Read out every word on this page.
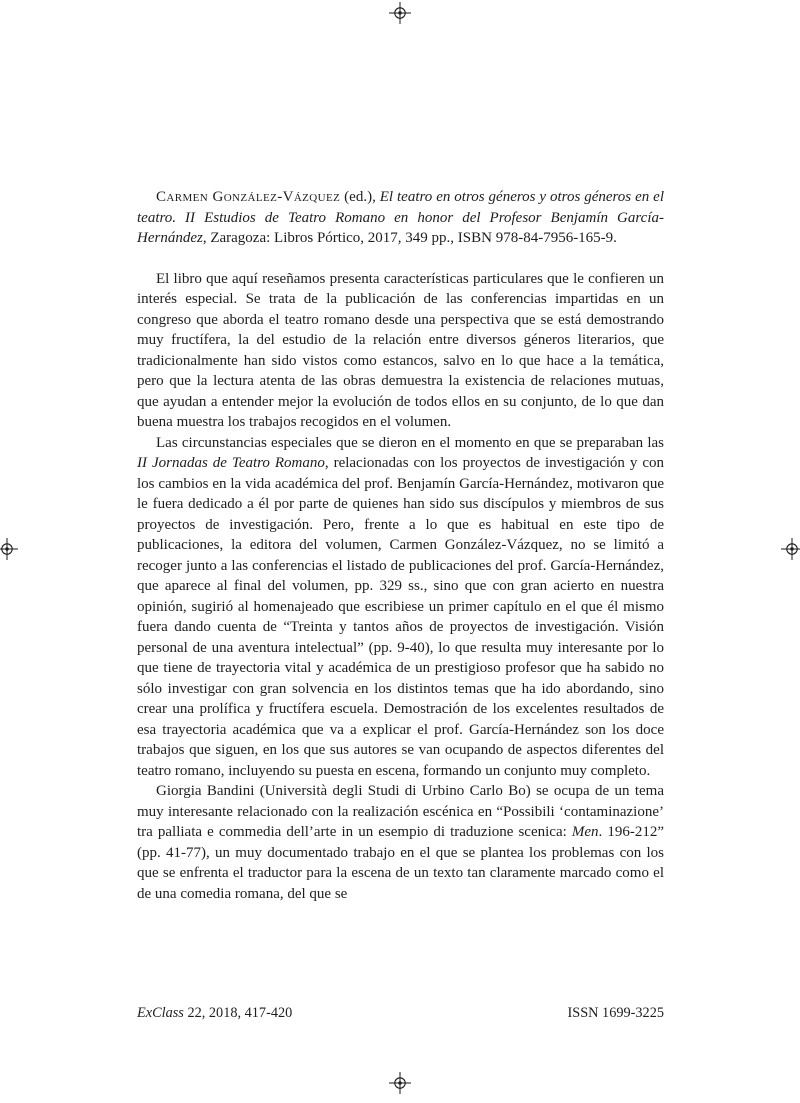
Carmen González-Vázquez (ed.), El teatro en otros géneros y otros géneros en el teatro. II Estudios de Teatro Romano en honor del Profesor Benjamín García-Hernández, Zaragoza: Libros Pórtico, 2017, 349 pp., ISBN 978-84-7956-165-9.

El libro que aquí reseñamos presenta características particulares que le confieren un interés especial. Se trata de la publicación de las conferencias impartidas en un congreso que aborda el teatro romano desde una perspectiva que se está demostrando muy fructífera, la del estudio de la relación entre diversos géneros literarios, que tradicionalmente han sido vistos como estancos, salvo en lo que hace a la temática, pero que la lectura atenta de las obras demuestra la existencia de relaciones mutuas, que ayudan a entender mejor la evolución de todos ellos en su conjunto, de lo que dan buena muestra los trabajos recogidos en el volumen.

Las circunstancias especiales que se dieron en el momento en que se preparaban las II Jornadas de Teatro Romano, relacionadas con los proyectos de investigación y con los cambios en la vida académica del prof. Benjamín García-Hernández, motivaron que le fuera dedicado a él por parte de quienes han sido sus discípulos y miembros de sus proyectos de investigación. Pero, frente a lo que es habitual en este tipo de publicaciones, la editora del volumen, Carmen González-Vázquez, no se limitó a recoger junto a las conferencias el listado de publicaciones del prof. García-Hernández, que aparece al final del volumen, pp. 329 ss., sino que con gran acierto en nuestra opinión, sugirió al homenajeado que escribiese un primer capítulo en el que él mismo fuera dando cuenta de “Treinta y tantos años de proyectos de investigación. Visión personal de una aventura intelectual” (pp. 9-40), lo que resulta muy interesante por lo que tiene de trayectoria vital y académica de un prestigioso profesor que ha sabido no sólo investigar con gran solvencia en los distintos temas que ha ido abordando, sino crear una prolífica y fructífera escuela. Demostración de los excelentes resultados de esa trayectoria académica que va a explicar el prof. García-Hernández son los doce trabajos que siguen, en los que sus autores se van ocupando de aspectos diferentes del teatro romano, incluyendo su puesta en escena, formando un conjunto muy completo.

Giorgia Bandini (Università degli Studi di Urbino Carlo Bo) se ocupa de un tema muy interesante relacionado con la realización escénica en “Possibili ‘contaminazione’ tra palliata e commedia dell’arte in un esempio di traduzione scenica: Men. 196-212” (pp. 41-77), un muy documentado trabajo en el que se plantea los problemas con los que se enfrenta el traductor para la escena de un texto tan claramente marcado como el de una comedia romana, del que se

ExClass 22, 2018, 417-420	ISSN 1699-3225
